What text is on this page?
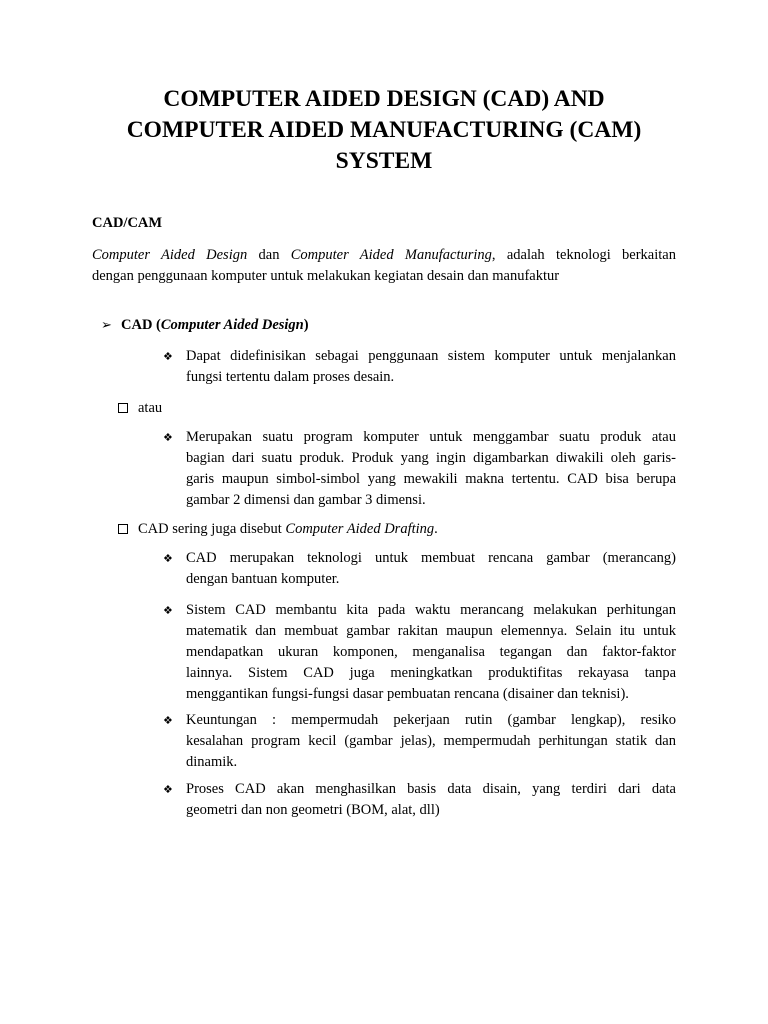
COMPUTER AIDED DESIGN (CAD) AND
COMPUTER AIDED MANUFACTURING (CAM)
SYSTEM
CAD/CAM
Computer Aided Design dan Computer Aided Manufacturing, adalah teknologi berkaitan
dengan penggunaan komputer untuk melakukan kegiatan desain dan manufaktur
➢ CAD (Computer Aided Design)
❖ Dapat didefinisikan sebagai penggunaan sistem komputer untuk menjalankan
fungsi tertentu dalam proses desain.
atau
❖ Merupakan suatu program komputer untuk menggambar suatu produk atau
bagian dari suatu produk. Produk yang ingin digambarkan diwakili oleh garis-
garis maupun simbol-simbol yang mewakili makna tertentu. CAD bisa berupa
gambar 2 dimensi dan gambar 3 dimensi.
CAD sering juga disebut Computer Aided Drafting.
❖ CAD merupakan teknologi untuk membuat rencana gambar (merancang)
dengan bantuan komputer.
❖ Sistem CAD membantu kita pada waktu merancang melakukan perhitungan
matematik dan membuat gambar rakitan maupun elemennya. Selain itu untuk
mendapatkan ukuran komponen, menganalisa tegangan dan faktor-faktor
lainnya. Sistem CAD juga meningkatkan produktifitas rekayasa tanpa
menggantikan fungsi-fungsi dasar pembuatan rencana (disainer dan teknisi).
❖ Keuntungan : mempermudah pekerjaan rutin (gambar lengkap), resiko
kesalahan program kecil (gambar jelas), mempermudah perhitungan statik dan
dinamik.
❖ Proses CAD akan menghasilkan basis data disain, yang terdiri dari data
geometri dan non geometri (BOM, alat, dll)
